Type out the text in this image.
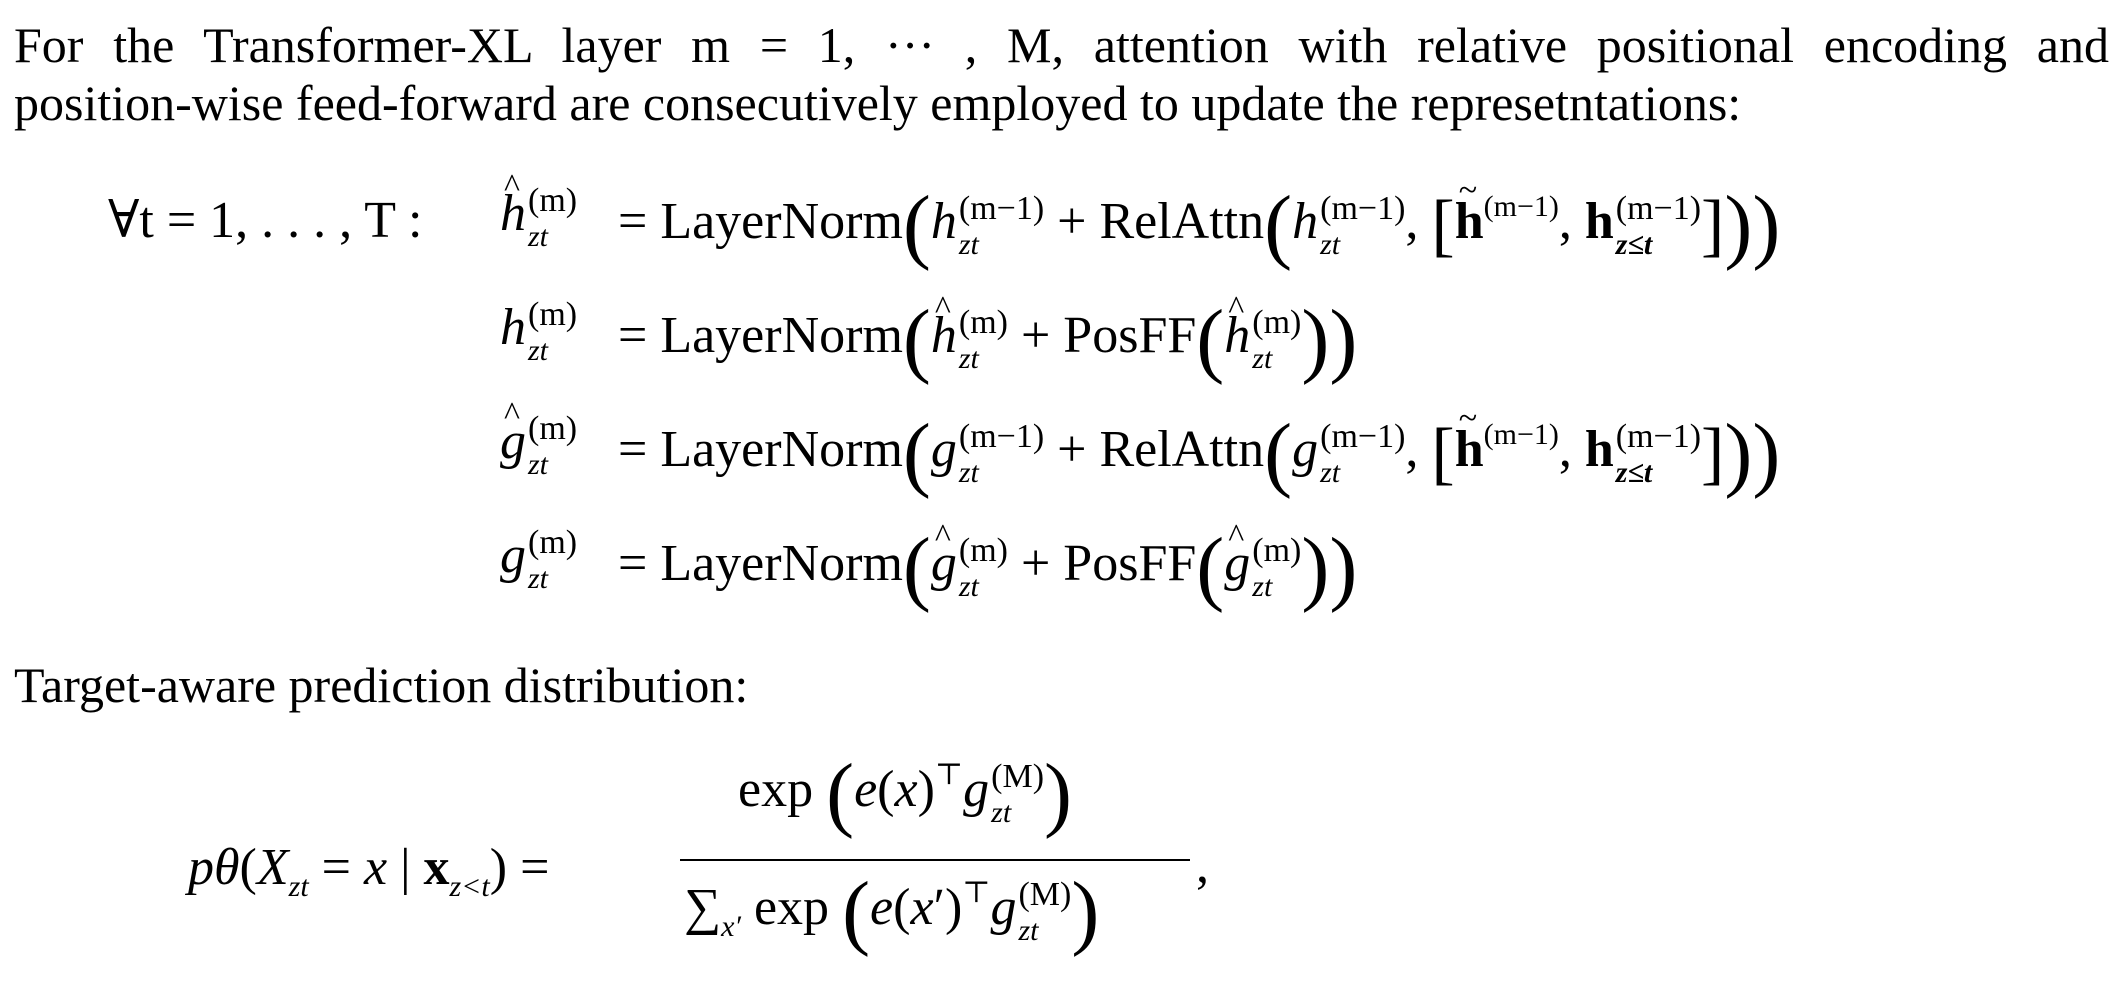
For the Transformer-XL layer m = 1, ··· , M, attention with relative positional encoding and
position-wise feed-forward are consecutively employed to update the represetntations:
∀t = 1, . . . , T :
^ h (m)
zt	= LayerNorm(h (m−1)
zt	+ RelAttn(h (m−1)
zt	, [~ $h^{(m-1)}$, h (m−1)
z≤t ]))
h (m)
zt	= LayerNorm(^ h (m)
zt + PosFF(^ h (m)
zt ))
^ g (m)
zt	= LayerNorm(g (m−1)
zt	+ RelAttn(g (m−1)
zt	, [~ $h^{(m-1)}$, h (m−1)
z≤t ]))
g (m)
zt	= LayerNorm(^ g (m)
zt + PosFF(^ g (m)
zt ))
Target-aware prediction distribution:
$p\theta(X_{zt} = x$ | $x_{z<t}$) =
exp (e(x)⊤g (M)
zt )
$\sum_{x'}$ exp (e(x′)⊤g (M)
zt ) ,
